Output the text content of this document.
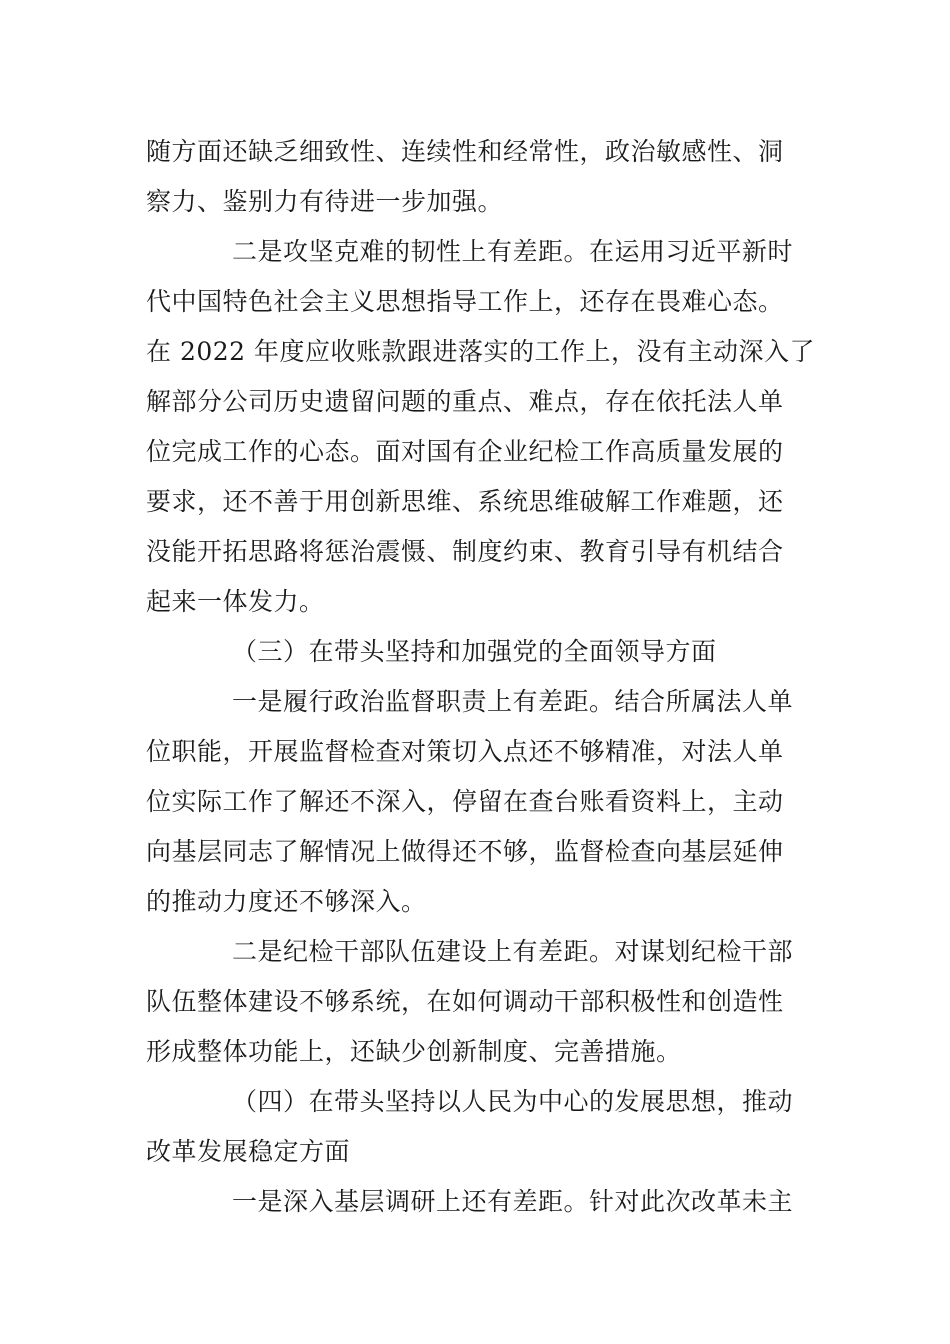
随方面还缺乏细致性、连续性和经常性，政治敏感性、洞
察力、鉴别力有待进一步加强。
二是攻坚克难的韧性上有差距。在运用习近平新时
代中国特色社会主义思想指导工作上，还存在畏难心态。
在 2022 年度应收账款跟进落实的工作上，没有主动深入了
解部分公司历史遗留问题的重点、难点，存在依托法人单
位完成工作的心态。面对国有企业纪检工作高质量发展的
要求，还不善于用创新思维、系统思维破解工作难题，还
没能开拓思路将惩治震慑、制度约束、教育引导有机结合
起来一体发力。
（三）在带头坚持和加强党的全面领导方面
一是履行政治监督职责上有差距。结合所属法人单
位职能，开展监督检查对策切入点还不够精准，对法人单
位实际工作了解还不深入，停留在查台账看资料上，主动
向基层同志了解情况上做得还不够，监督检查向基层延伸
的推动力度还不够深入。
二是纪检干部队伍建设上有差距。对谋划纪检干部
队伍整体建设不够系统，在如何调动干部积极性和创造性
形成整体功能上，还缺少创新制度、完善措施。
（四）在带头坚持以人民为中心的发展思想，推动
改革发展稳定方面
一是深入基层调研上还有差距。针对此次改革未主
